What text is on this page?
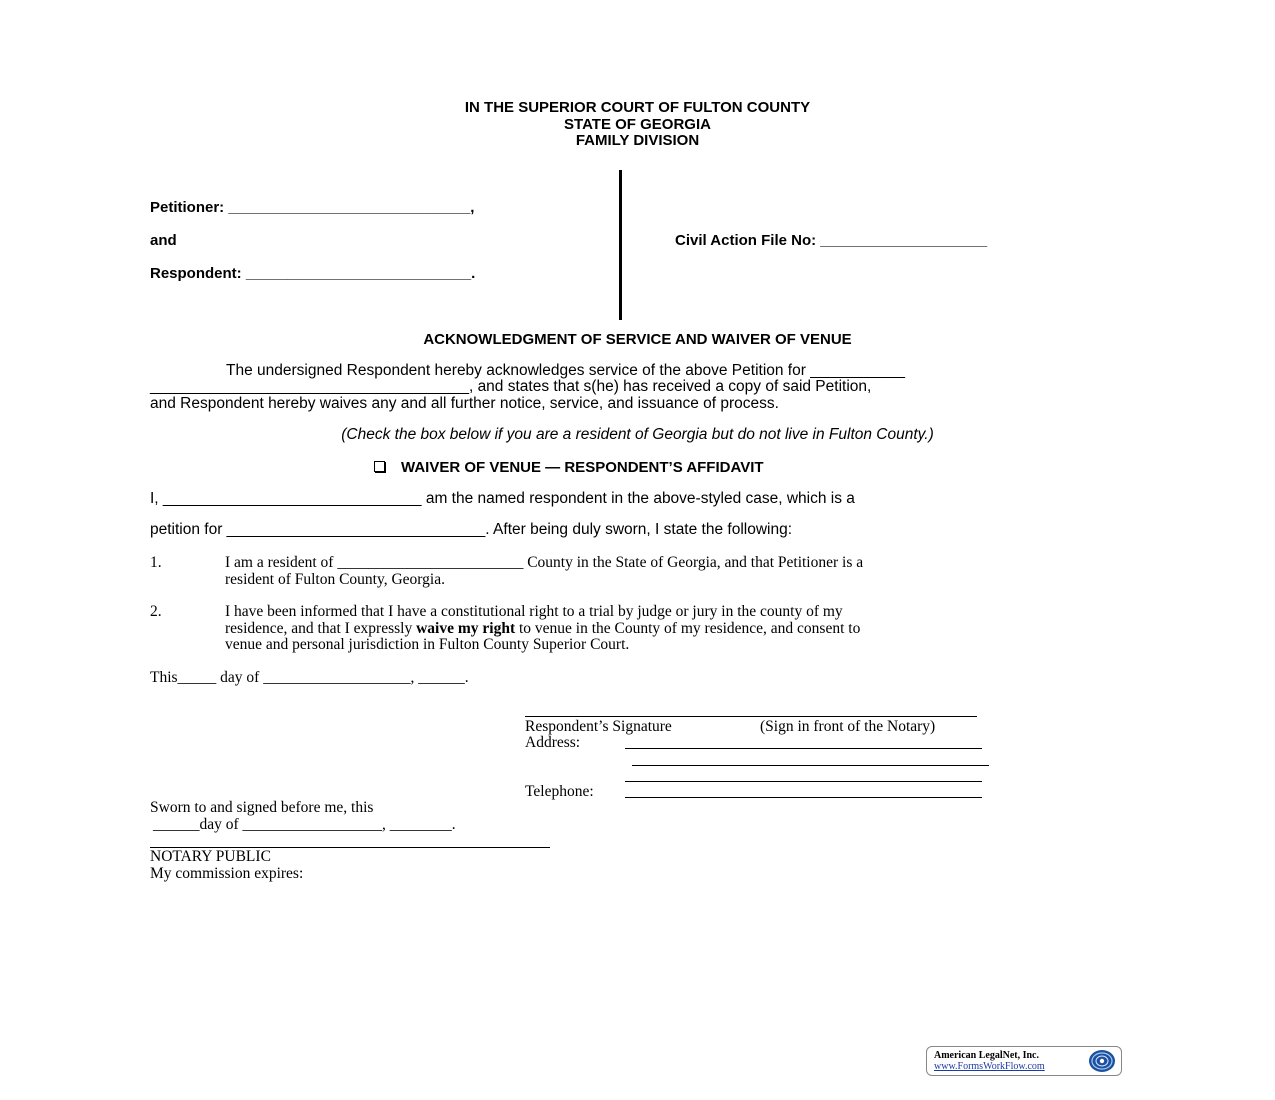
IN THE SUPERIOR COURT OF FULTON COUNTY
STATE OF GEORGIA
FAMILY DIVISION
Petitioner: _____________________________,
and
Respondent: ___________________________.
Civil Action File No: ____________________
ACKNOWLEDGMENT OF SERVICE AND WAIVER OF VENUE
The undersigned Respondent hereby acknowledges service of the above Petition for ___________
_____________________________________, and states that s(he) has received a copy of said Petition,
and Respondent hereby waives any and all further notice, service, and issuance of process.
(Check the box below if you are a resident of Georgia but do not live in Fulton County.)
WAIVER OF VENUE — RESPONDENT’S AFFIDAVIT
I, ______________________________ am the named respondent in the above-styled case, which is a
petition for ______________________________. After being duly sworn, I state the following:
1.	I am a resident of ________________________ County in the State of Georgia, and that Petitioner is a
resident of Fulton County, Georgia.
2.	I have been informed that I have a constitutional right to a trial by judge or jury in the county of my
residence, and that I expressly waive my right to venue in the County of my residence, and consent to
venue and personal jurisdiction in Fulton County Superior Court.
This_____ day of ___________________, ______.
Respondent’s Signature	(Sign in front of the Notary)
Address:
Telephone:
Sworn to and signed before me, this
______day of __________________, ________.
NOTARY PUBLIC
My commission expires:
American LegalNet, Inc.
www.FormsWorkFlow.com
